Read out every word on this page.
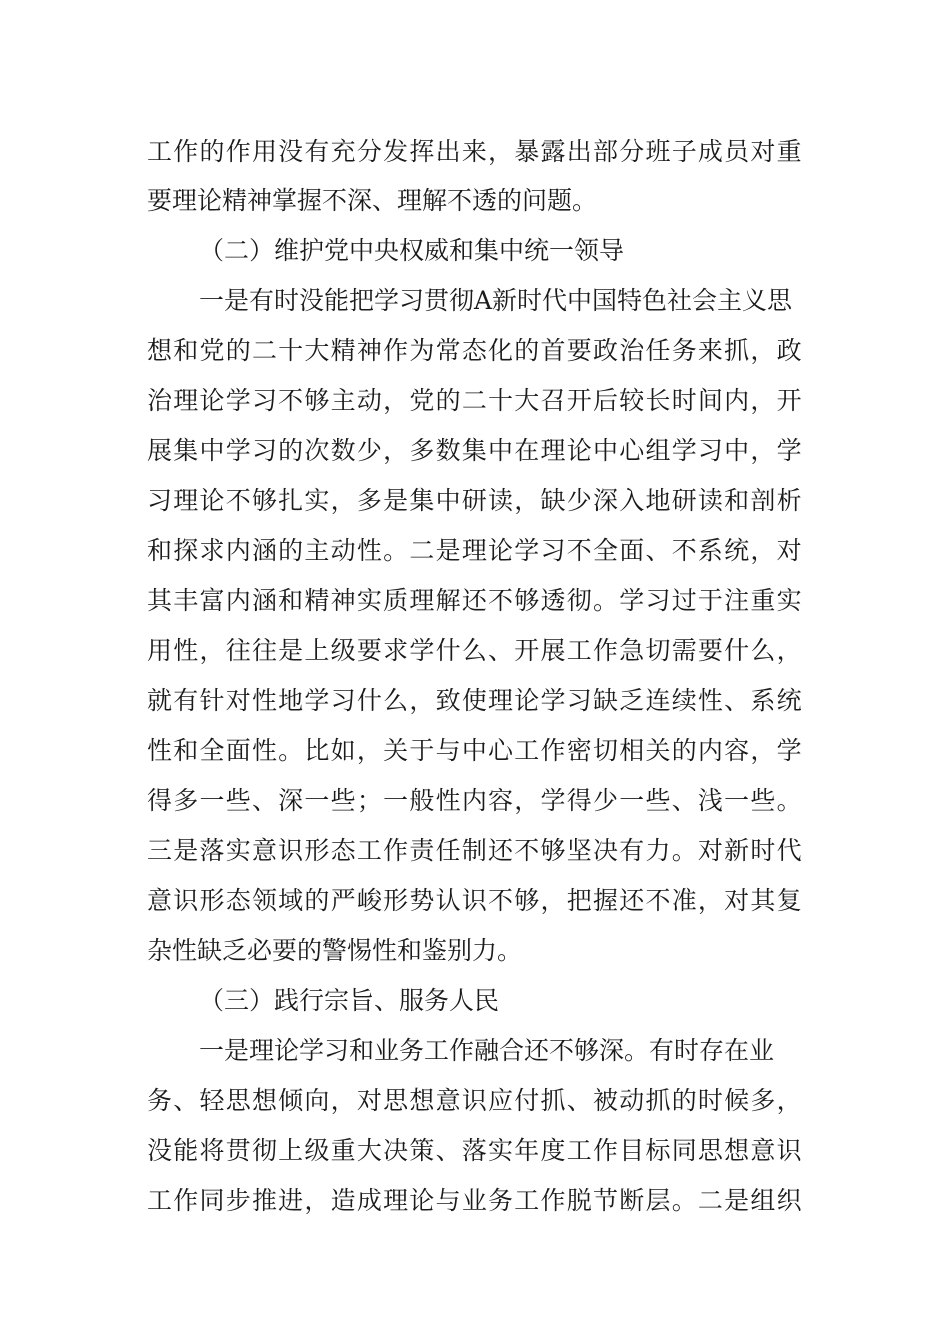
工 作 的 作 用 没 有 充 分 发 挥 出 来 ， 暴 露 出 部 分 班 子 成 员 对 重
要理论精神掌握不深、理解不透的问题。
（二）维护党中央权威和集中统一领导
一是有时没能把学习贯彻A新时代中国特色社会主义思
想 和 党 的 二 十 大 精 神 作 为 常 态 化 的 首 要 政 治 任 务 来 抓 ， 政
治 理 论 学 习 不 够 主 动 ， 党 的 二 十 大 召 开 后 较 长 时 间 内 ， 开
展 集 中 学 习 的 次 数 少 ， 多 数 集 中 在 理 论 中 心 组 学 习 中 ， 学
习 理 论 不 够 扎 实 ， 多 是 集 中 研 读 ， 缺 少 深 入 地 研 读 和 剖 析
和 探 求 内 涵 的 主 动 性 。 二 是 理 论 学 习 不 全 面 、 不 系 统 ， 对
其 丰 富 内 涵 和 精 神 实 质 理 解 还 不 够 透 彻 。 学 习 过 于 注 重 实
用 性 ， 往 往 是 上 级 要 求 学 什 么 、 开 展 工 作 急 切 需 要 什 么 ，
就 有 针 对 性 地 学 习 什 么 ， 致 使 理 论 学 习 缺 乏 连 续 性 、 系 统
性 和 全 面 性 。 比 如 ， 关 于 与 中 心 工 作 密 切 相 关 的 内 容 ， 学
得 多 一 些 、 深 一 些 ； 一 般 性 内 容 ， 学 得 少 一 些 、 浅 一 些 。
三 是 落 实 意 识 形 态 工 作 责 任 制 还 不 够 坚 决 有 力 。 对 新 时 代
意 识 形 态 领 域 的 严 峻 形 势 认 识 不 够 ， 把 握 还 不 准 ， 对 其 复
杂性缺乏必要的警惕性和鉴别力。
（三）践行宗旨、服务人民
一是理论学习和业务工作融合还不够深。有时存在业
务 、 轻 思 想 倾 向 ， 对 思 想 意 识 应 付 抓 、 被 动 抓 的 时 候 多 ，
没 能 将 贯 彻 上 级 重 大 决 策 、 落 实 年 度 工 作 目 标 同 思 想 意 识
工 作 同 步 推 进 ， 造 成 理 论 与 业 务 工 作 脱 节 断 层 。 二 是 组 织
